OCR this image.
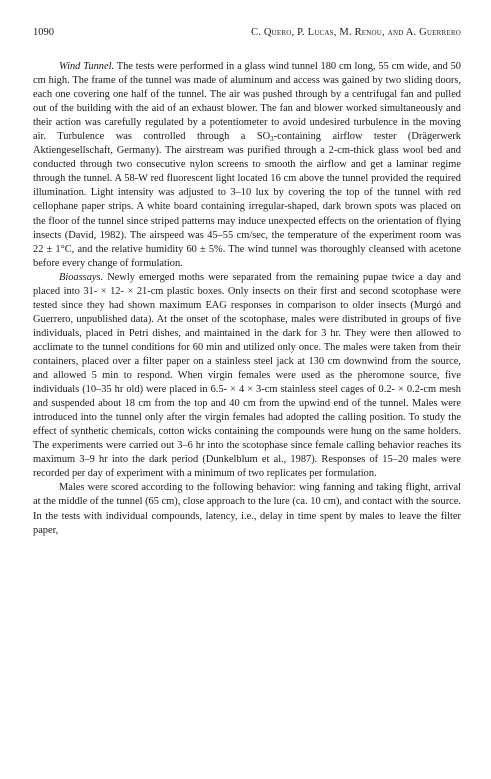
1090	C. Quero, P. Lucas, M. Renou, and A. Guerrero

Wind Tunnel. The tests were performed in a glass wind tunnel 180 cm long, 55 cm wide, and 50 cm high. The frame of the tunnel was made of aluminum and access was gained by two sliding doors, each one covering one half of the tunnel. The air was pushed through by a centrifugal fan and pulled out of the building with the aid of an exhaust blower. The fan and blower worked simultaneously and their action was carefully regulated by a potentiometer to avoid undesired turbulence in the moving air. Turbulence was controlled through a $SO_3$-containing airflow tester (Drägerwerk Aktiengesellschaft, Germany). The airstream was purified through a 2-cm-thick glass wool bed and conducted through two consecutive nylon screens to smooth the airflow and get a laminar regime through the tunnel. A 58-W red fluorescent light located 16 cm above the tunnel provided the required illumination. Light intensity was adjusted to 3–10 lux by covering the top of the tunnel with red cellophane paper strips. A white board containing irregular-shaped, dark brown spots was placed on the floor of the tunnel since striped patterns may induce unexpected effects on the orientation of flying insects (David, 1982). The airspeed was 45–55 cm/sec, the temperature of the experiment room was 22 ± 1°C, and the relative humidity 60 ± 5%. The wind tunnel was thoroughly cleansed with acetone before every change of formulation.

Bioassays. Newly emerged moths were separated from the remaining pupae twice a day and placed into 31- × 12- × 21-cm plastic boxes. Only insects on their first and second scotophase were tested since they had shown maximum EAG responses in comparison to older insects (Murgó and Guerrero, unpublished data). At the onset of the scotophase, males were distributed in groups of five individuals, placed in Petri dishes, and maintained in the dark for 3 hr. They were then allowed to acclimate to the tunnel conditions for 60 min and utilized only once. The males were taken from their containers, placed over a filter paper on a stainless steel jack at 130 cm downwind from the source, and allowed 5 min to respond. When virgin females were used as the pheromone source, five individuals (10–35 hr old) were placed in 6.5- × 4 × 3-cm stainless steel cages of 0.2- × 0.2-cm mesh and suspended about 18 cm from the top and 40 cm from the upwind end of the tunnel. Males were introduced into the tunnel only after the virgin females had adopted the calling position. To study the effect of synthetic chemicals, cotton wicks containing the compounds were hung on the same holders. The experiments were carried out 3–6 hr into the scotophase since female calling behavior reaches its maximum 3–9 hr into the dark period (Dunkelblum et al., 1987). Responses of 15–20 males were recorded per day of experiment with a minimum of two replicates per formulation.

Males were scored according to the following behavior: wing fanning and taking flight, arrival at the middle of the tunnel (65 cm), close approach to the lure (ca. 10 cm), and contact with the source. In the tests with individual compounds, latency, i.e., delay in time spent by males to leave the filter paper,
